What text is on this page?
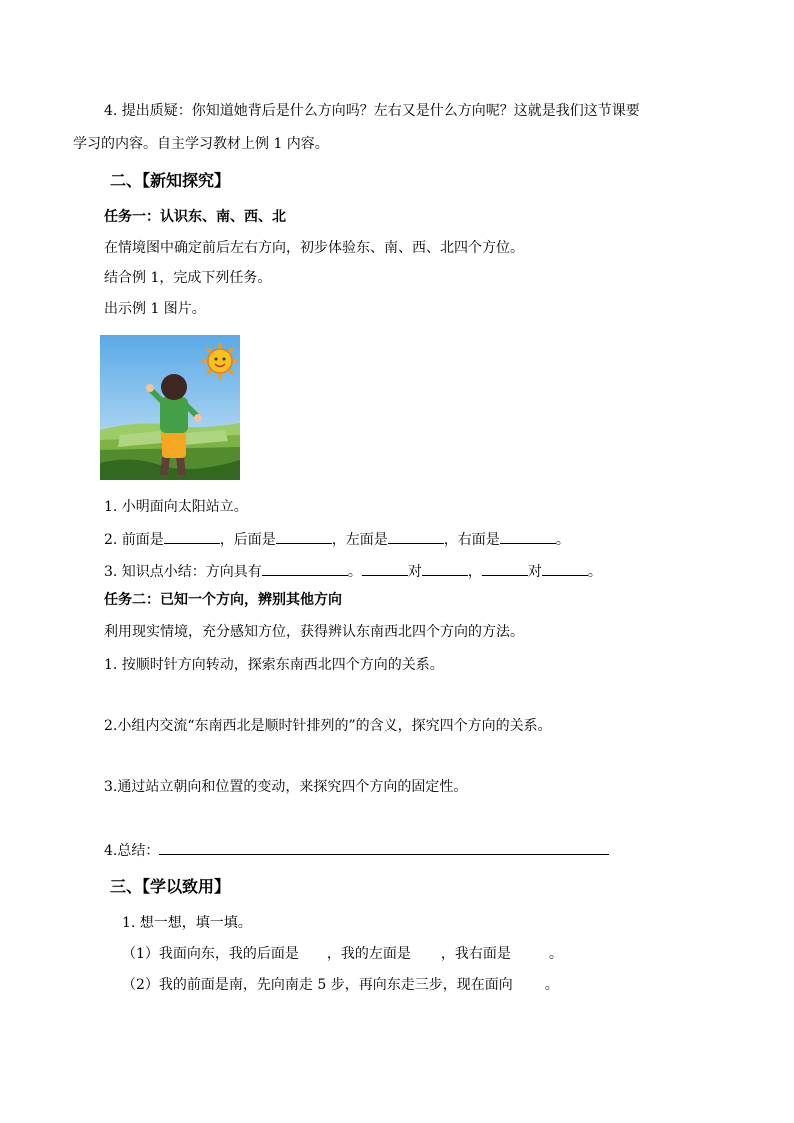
4. 提出质疑：你知道她背后是什么方向吗？左右又是什么方向呢？这就是我们这节课要
学习的内容。自主学习教材上例 1 内容。
二、【新知探究】
任务一：认识东、南、西、北
在情境图中确定前后左右方向，初步体验东、南、西、北四个方位。
结合例 1，完成下列任务。
出示例 1 图片。
1. 小明面向太阳站立。
2. 前面是	，后面是	，左面是	，右面是	。
3. 知识点小结：方向具有	。	对	，	对	。
任务二：已知一个方向，辨别其他方向
利用现实情境，充分感知方位，获得辨认东南西北四个方向的方法。
1. 按顺时针方向转动，探索东南西北四个方向的关系。
2.小组内交流“东南西北是顺时针排列的”的含义，探究四个方向的关系。
3.通过站立朝向和位置的变动，来探究四个方向的固定性。
4.总结：
三、【学以致用】
1. 想一想，填一填。
（1）我面向东，我的后面是 ，我的左面是 ，我右面是	。
（2）我的前面是南，先向南走 5 步，再向东走三步，现在面向 。
